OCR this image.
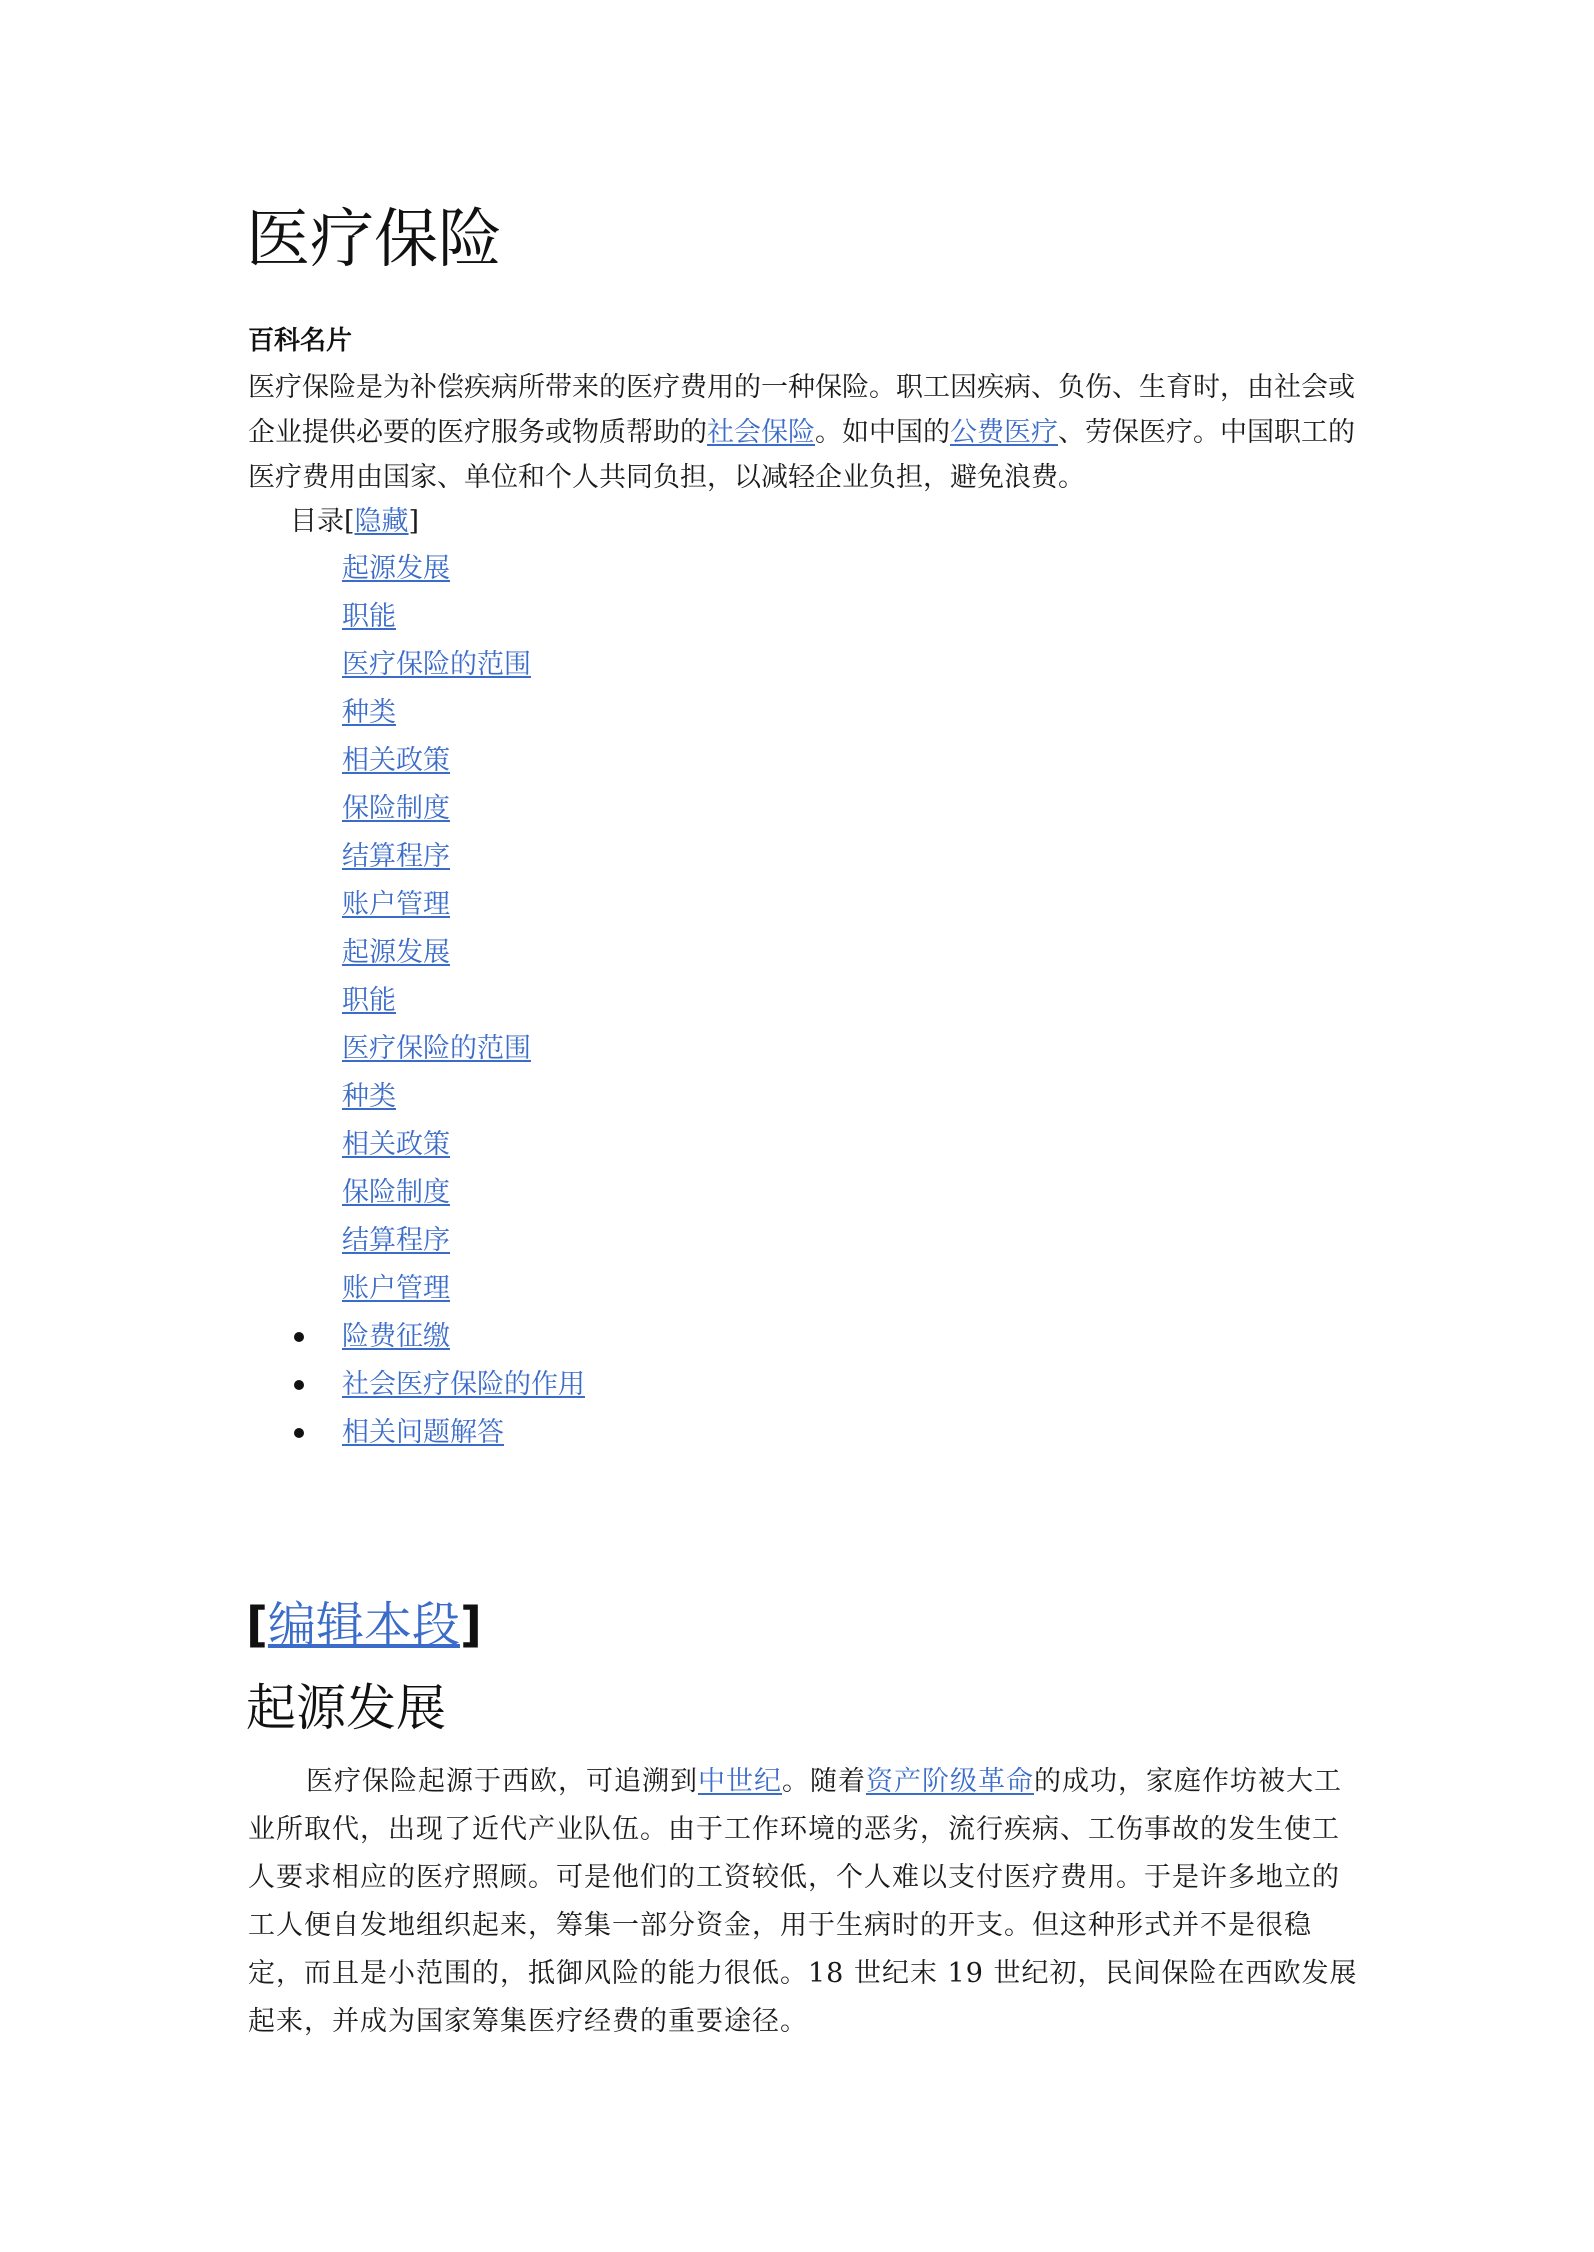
医疗保险
百科名片

医疗保险是为补偿疾病所带来的医疗费用的一种保险。职工因疾病、负伤、生育时，由社会或企业提供必要的医疗服务或物质帮助的社会保险。如中国的公费医疗、劳保医疗。中国职工的医疗费用由国家、单位和个人共同负担，以减轻企业负担，避免浪费。

目录[隐藏]
起源发展
职能
医疗保险的范围
种类
相关政策
保险制度
结算程序
账户管理
起源发展
职能
医疗保险的范围
种类
相关政策
保险制度
结算程序
账户管理
险费征缴
社会医疗保险的作用
相关问题解答
[编辑本段]
起源发展

医疗保险起源于西欧，可追溯到中世纪。随着资产阶级革命的成功，家庭作坊被大工业所取代，出现了近代产业队伍。由于工作环境的恶劣，流行疾病、工伤事故的发生使工人要求相应的医疗照顾。可是他们的工资较低，个人难以支付医疗费用。于是许多地立的工人便自发地组织起来，筹集一部分资金，用于生病时的开支。但这种形式并不是很稳定，而且是小范围的，抵御风险的能力很低。18 世纪末 19 世纪初，民间保险在西欧发展起来，并成为国家筹集医疗经费的重要途径。
